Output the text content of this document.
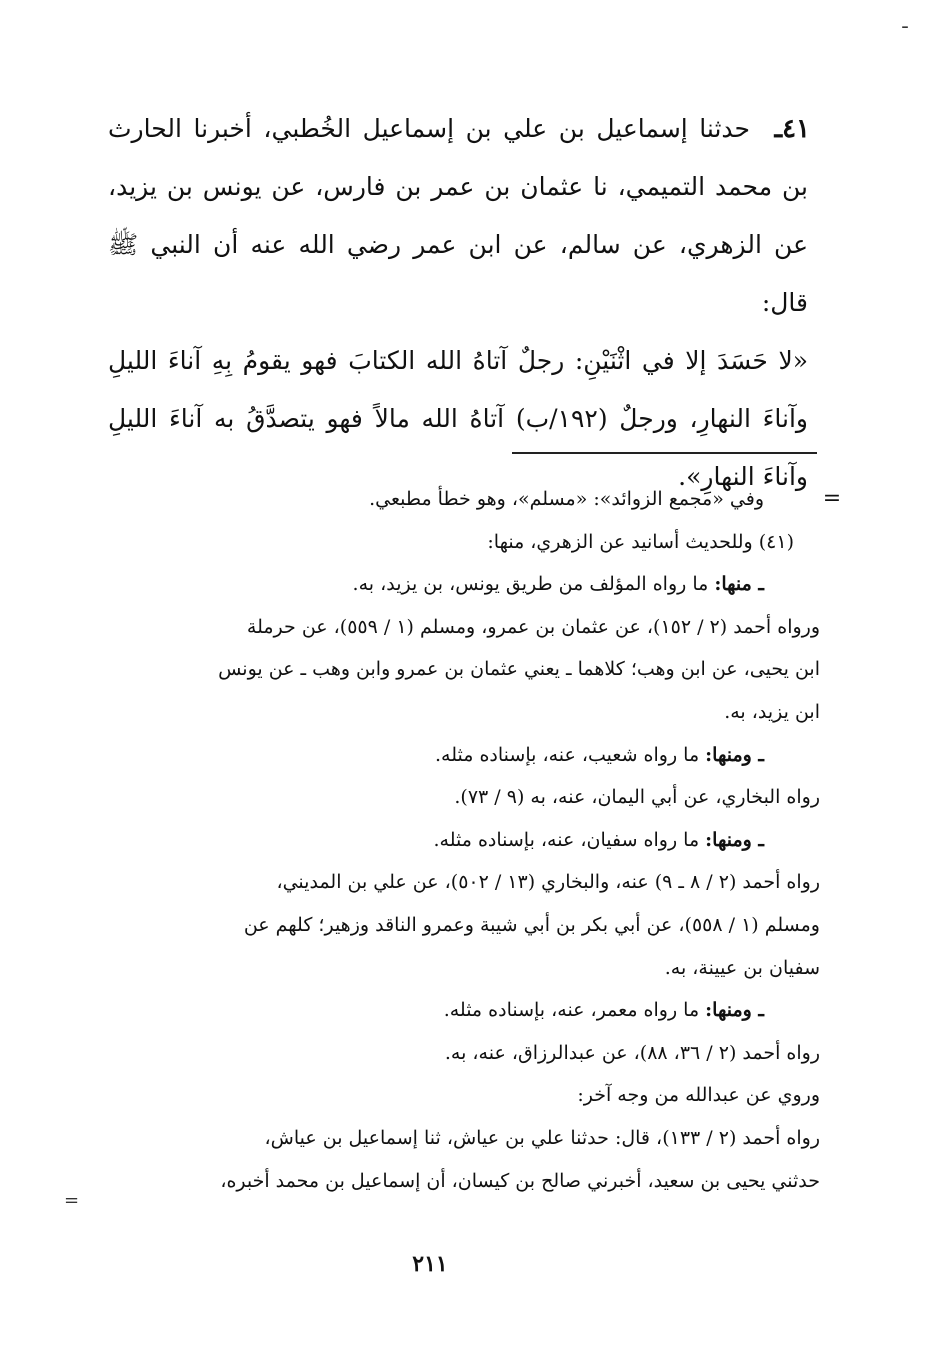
ـ
٤١ـ

حدثنا إسماعيل بن علي بن إسماعيل الخُطبي، أخبرنا الحارث بن محمد التميمي، نا عثمان بن عمر بن فارس، عن يونس بن يزيد، عن الزهري، عن سالم، عن ابن عمر رضي الله عنه أن النبي ﷺ قال:

«لا حَسَدَ إلا في اثْنَيْنِ: رجلٌ آتاهُ الله الكتابَ فهو يقومُ بِهِ آناءَ الليلِ وآناءَ النهارِ، ورجلٌ (١٩٢/ب) آتاهُ الله مالاً فهو يتصدَّقُ به آناءَ الليلِ وآناءَ النهارِ».

=

وفي «مجمع الزوائد»: «مسلم»، وهو خطأ مطبعي.

(٤١) وللحديث أسانيد عن الزهري، منها:

ـ منها: ما رواه المؤلف من طريق يونس، بن يزيد، به.

ورواه أحمد (٢ / ١٥٢)، عن عثمان بن عمرو، ومسلم (١ / ٥٥٩)، عن حرملة

ابن يحيى، عن ابن وهب؛ كلاهما ـ يعني عثمان بن عمرو وابن وهب ـ عن يونس

ابن يزيد، به.

ـ ومنها: ما رواه شعيب، عنه، بإسناده مثله.

رواه البخاري، عن أبي اليمان، عنه، به (٩ / ٧٣).

ـ ومنها: ما رواه سفيان، عنه، بإسناده مثله.

رواه أحمد (٢ / ٨ ـ ٩) عنه، والبخاري (١٣ / ٥٠٢)، عن علي بن المديني،

ومسلم (١ / ٥٥٨)، عن أبي بكر بن أبي شيبة وعمرو الناقد وزهير؛ كلهم عن

سفيان بن عيينة، به.

ـ ومنها: ما رواه معمر، عنه، بإسناده مثله.

رواه أحمد (٢ / ٣٦، ٨٨)، عن عبدالرزاق، عنه، به.

وروي عن عبدالله من وجه آخر:

رواه أحمد (٢ / ١٣٣)، قال: حدثنا علي بن عياش، ثنا إسماعيل بن عياش،

حدثني يحيى بن سعيد، أخبرني صالح بن كيسان، أن إسماعيل بن محمد أخبره،

=
٢١١
